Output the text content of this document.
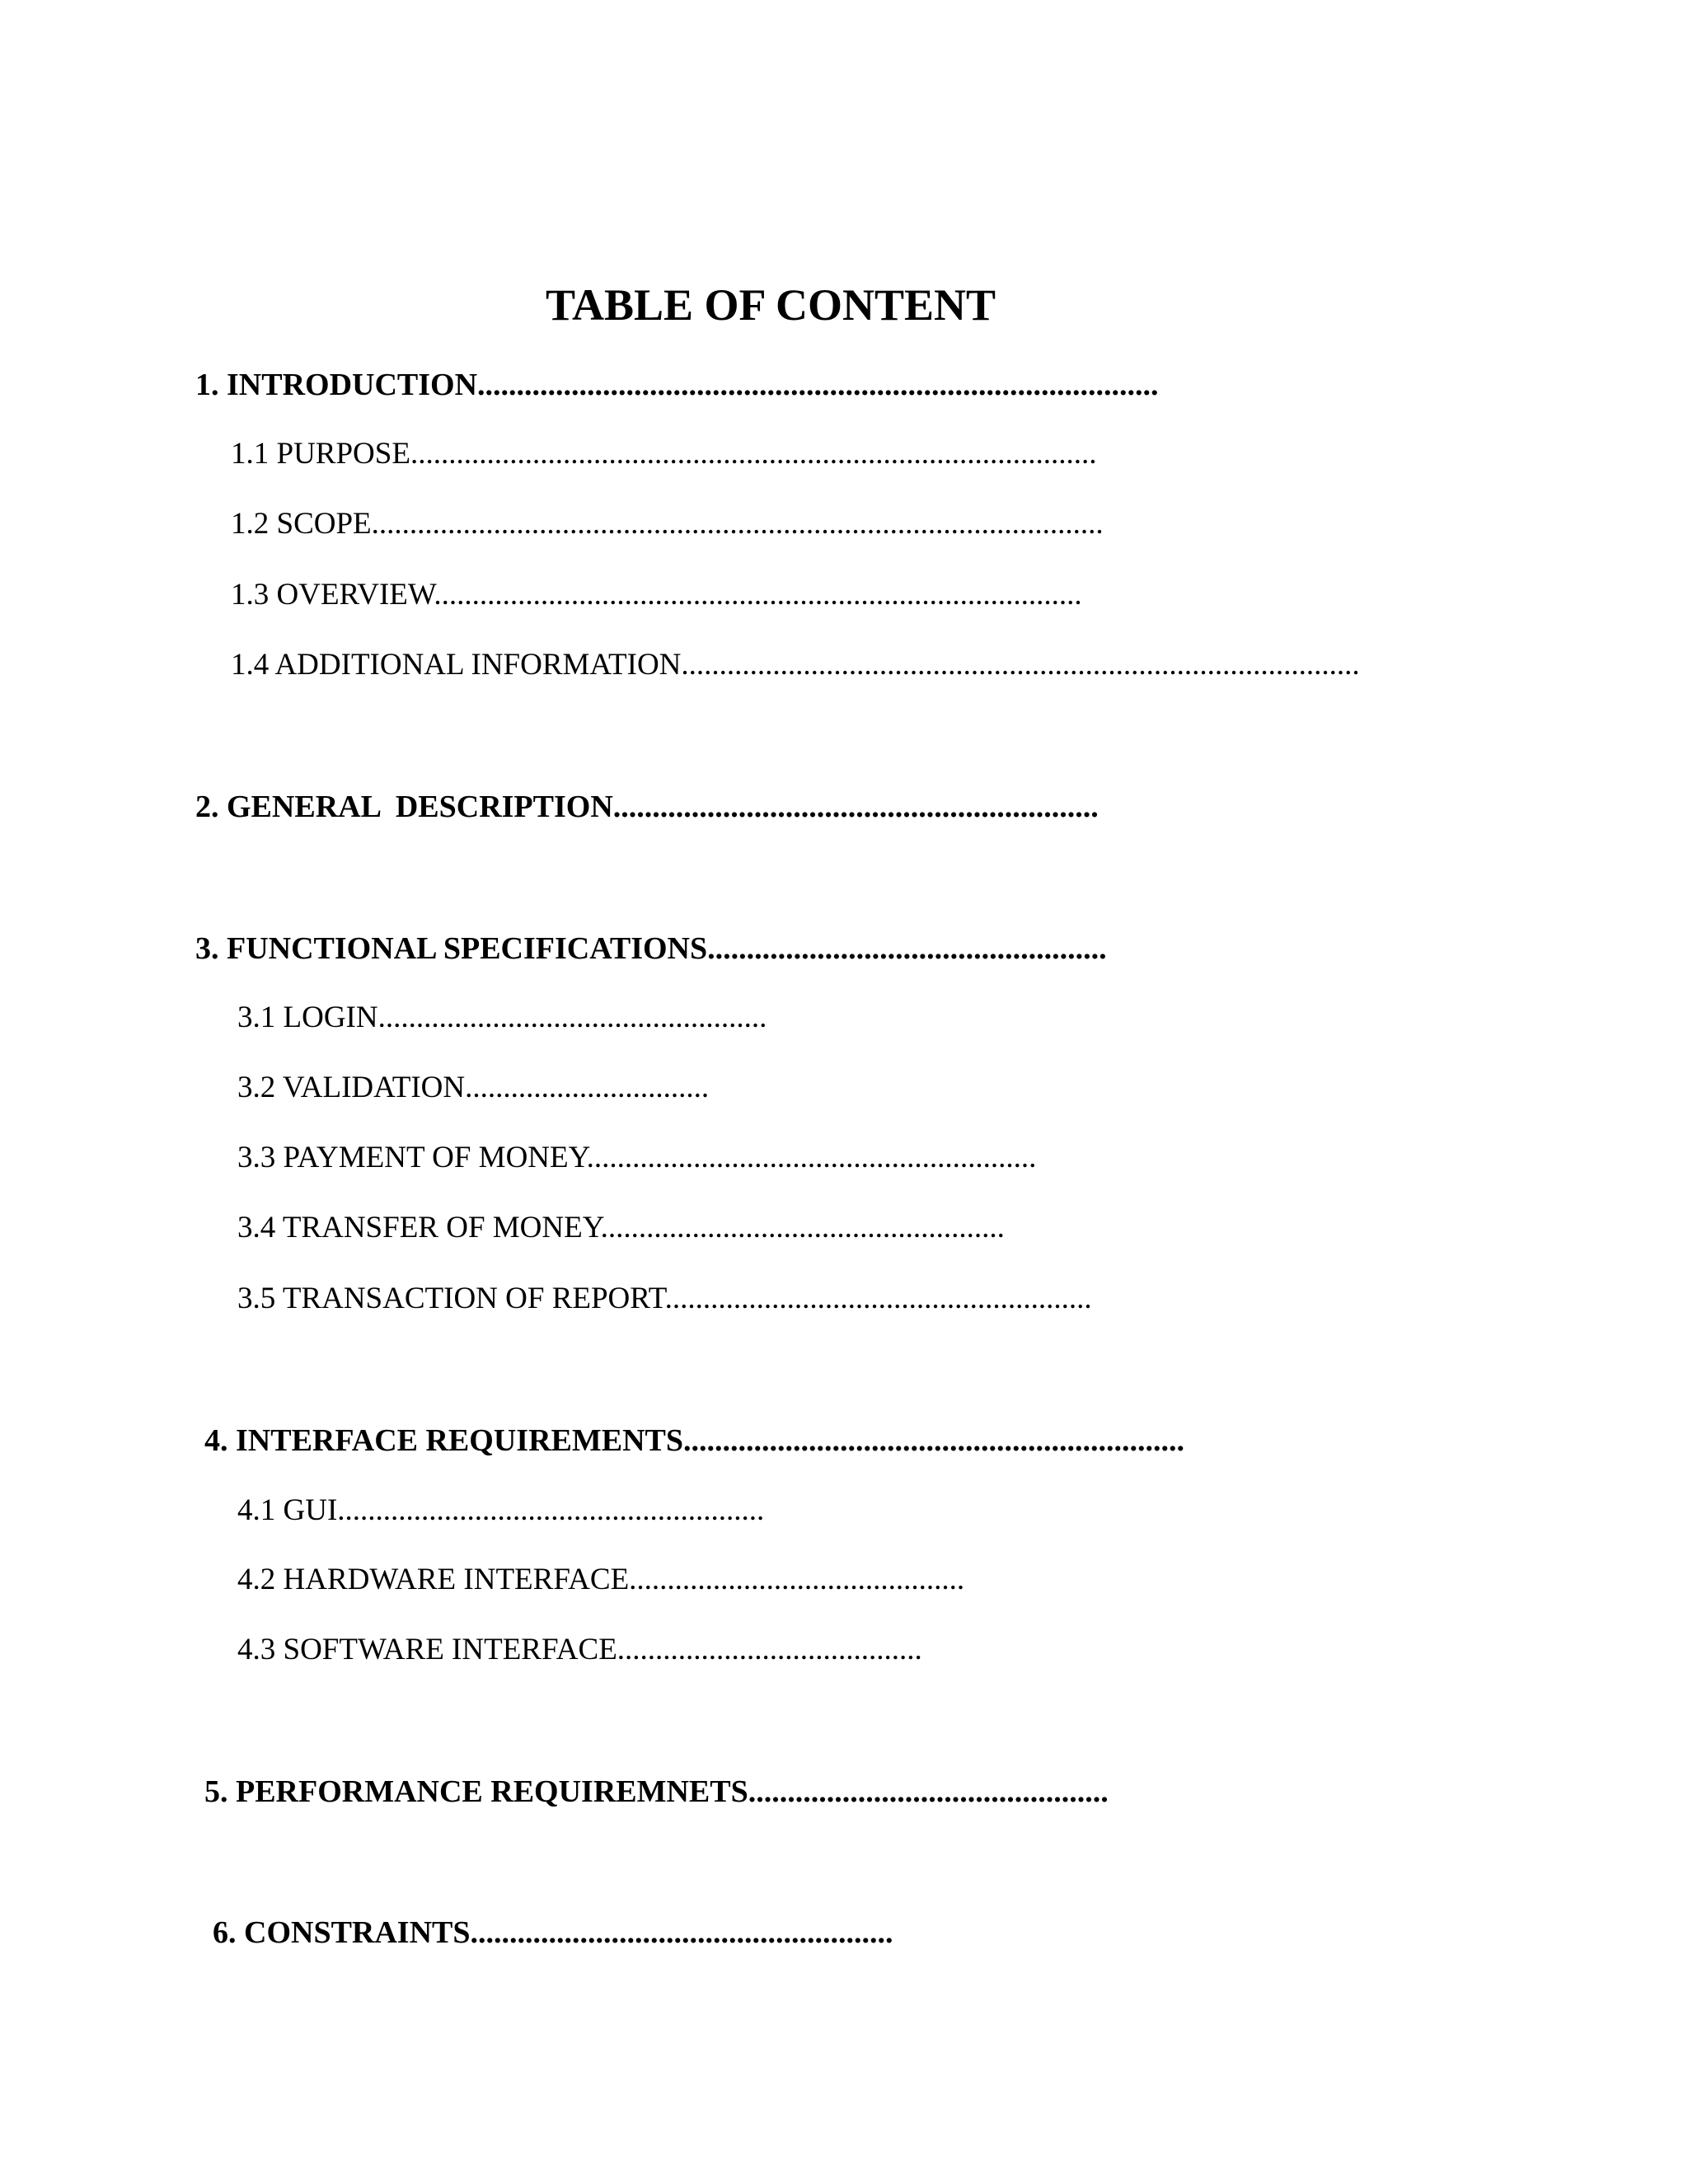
TABLE OF CONTENT
1. INTRODUCTION.......................................................................................
1.1 PURPOSE..........................................................................................
1.2 SCOPE................................................................................................
1.3 OVERVIEW.....................................................................................
1.4 ADDITIONAL INFORMATION.........................................................................................
2. GENERAL  DESCRIPTION..............................................................
3. FUNCTIONAL SPECIFICATIONS...................................................
3.1 LOGIN...................................................
3.2 VALIDATION................................
3.3 PAYMENT OF MONEY...........................................................
3.4 TRANSFER OF MONEY.....................................................
3.5 TRANSACTION OF REPORT........................................................
4. INTERFACE REQUIREMENTS................................................................
4.1 GUI........................................................
4.2 HARDWARE INTERFACE............................................
4.3 SOFTWARE INTERFACE........................................
5. PERFORMANCE REQUIREMNETS..............................................
6. CONSTRAINTS......................................................
